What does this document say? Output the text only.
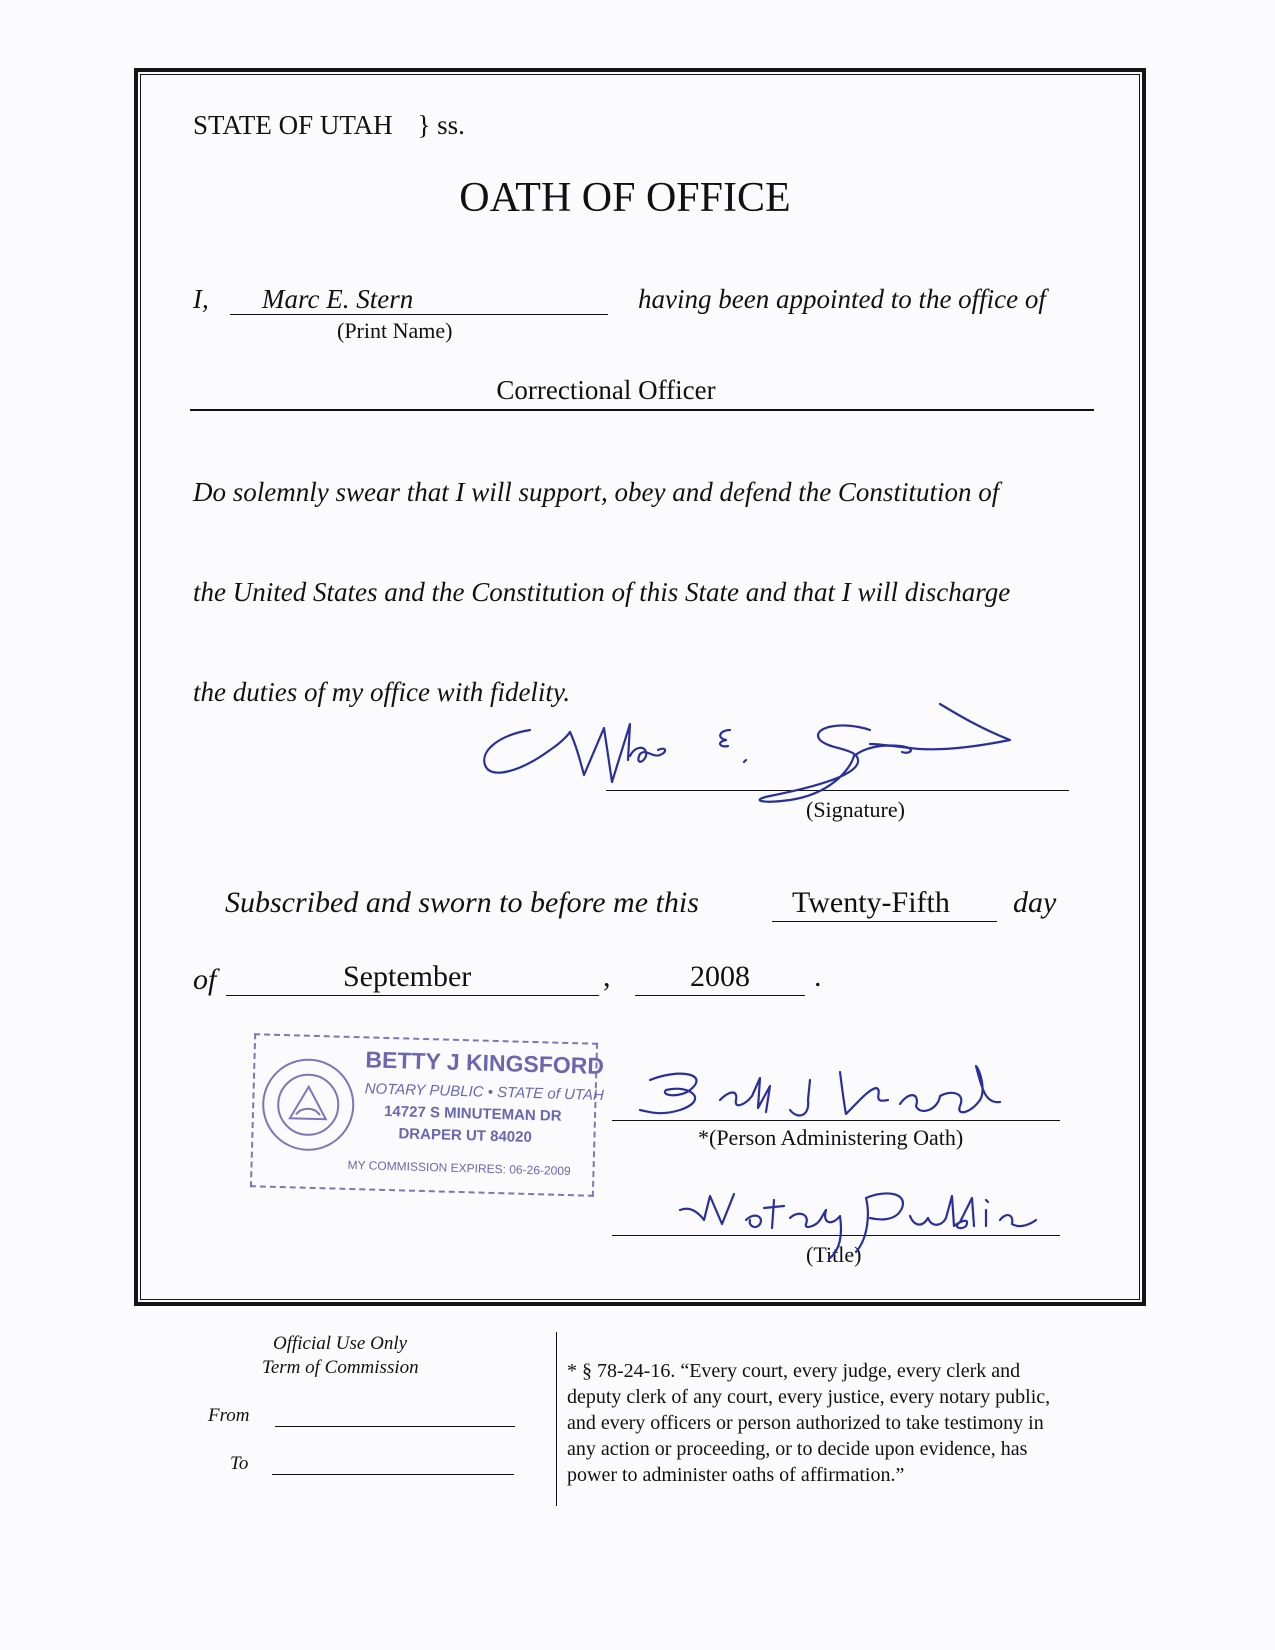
STATE OF UTAH } ss.
OATH OF OFFICE
I, Marc E. Stern
(Print Name)
having been appointed to the office of
Correctional Officer
Do solemnly swear that I will support, obey and defend the Constitution of
the United States and the Constitution of this State and that I will discharge
the duties of my office with fidelity.
(Signature)
Subscribed and sworn to before me this	Twenty-Fifth day
of	September	,	2008 .
BETTY J KINGSFORD
NOTARY PUBLIC • STATE of UTAH
14727 S MINUTEMAN DR
DRAPER UT 84020
MY COMMISSION EXPIRES: 06-26-2009
*(Person Administering Oath)
(Title)
Official Use Only
Term of Commission
From
To
* § 78-24-16. “Every court, every judge, every clerk and
deputy clerk of any court, every justice, every notary public,
and every officers or person authorized to take testimony in
any action or proceeding, or to decide upon evidence, has
power to administer oaths of affirmation.”
